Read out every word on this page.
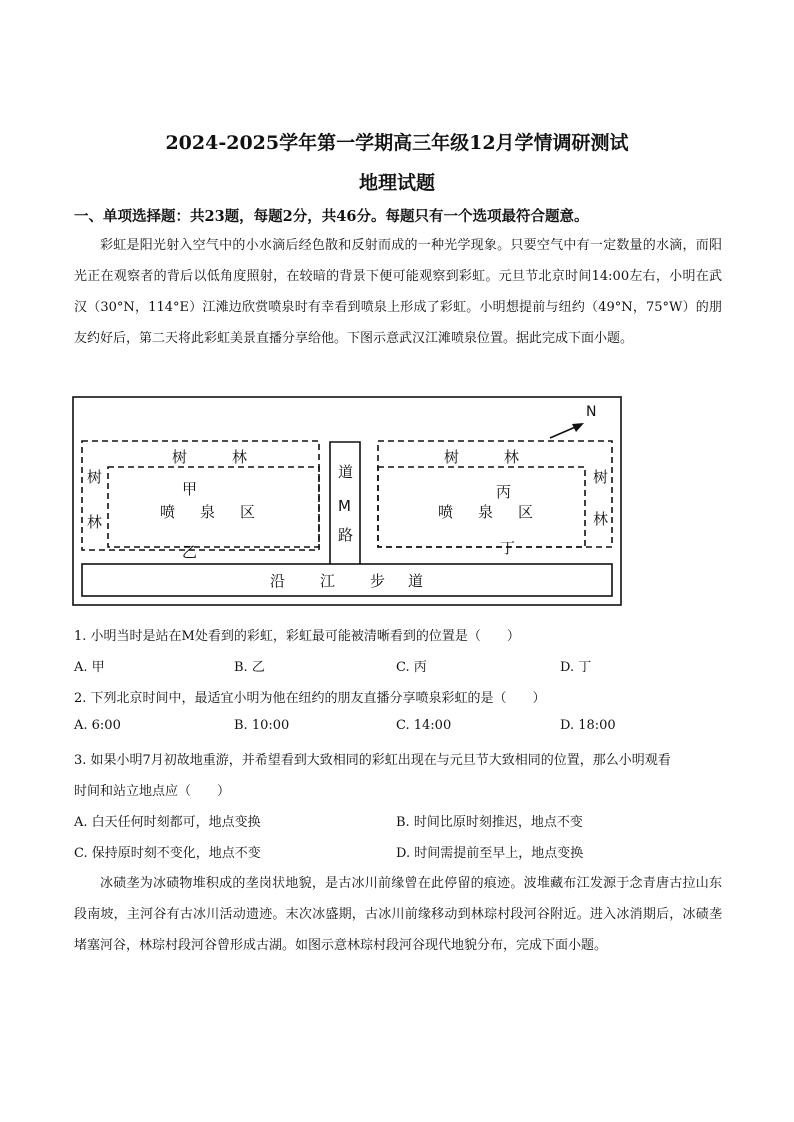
2024-2025学年第一学期高三年级12月学情调研测试
地理试题
一、单项选择题：共23题，每题2分，共46分。每题只有一个选项最符合题意。
彩虹是阳光射入空气中的小水滴后经色散和反射而成的一种光学现象。只要空气中有一定数量的水滴，而阳光正在观察者的背后以低角度照射，在较暗的背景下便可能观察到彩虹。元旦节北京时间14:00左右，小明在武汉（30°N，114°E）江滩边欣赏喷泉时有幸看到喷泉上形成了彩虹。小明想提前与纽约（49°N，75°W）的朋友约好后，第二天将此彩虹美景直播分享给他。下图示意武汉江滩喷泉位置。据此完成下面小题。
N
树	林
树
林
甲
喷 泉 区
乙
道
M
路
树	林
树
林
丙
喷 泉 区
丁
沿 江 步 道
1. 小明当时是站在M处看到的彩虹，彩虹最可能被清晰看到的位置是（　　）
A. 甲	B. 乙	C. 丙	D. 丁
2. 下列北京时间中，最适宜小明为他在纽约的朋友直播分享喷泉彩虹的是（　　）
A. 6:00	B. 10:00	C. 14:00	D. 18:00
3. 如果小明7月初故地重游，并希望看到大致相同的彩虹出现在与元旦节大致相同的位置，那么小明观看
时间和站立地点应（　　）
A. 白天任何时刻都可，地点变换	B. 时间比原时刻推迟，地点不变
C. 保持原时刻不变化，地点不变	D. 时间需提前至早上，地点变换
冰碛垄为冰碛物堆积成的垄岗状地貌，是古冰川前缘曾在此停留的痕迹。波堆藏布江发源于念青唐古拉山东段南坡，主河谷有古冰川活动遗迹。末次冰盛期，古冰川前缘移动到林琮村段河谷附近。进入冰消期后，冰碛垄堵塞河谷，林琮村段河谷曾形成古湖。如图示意林琮村段河谷现代地貌分布，完成下面小题。
